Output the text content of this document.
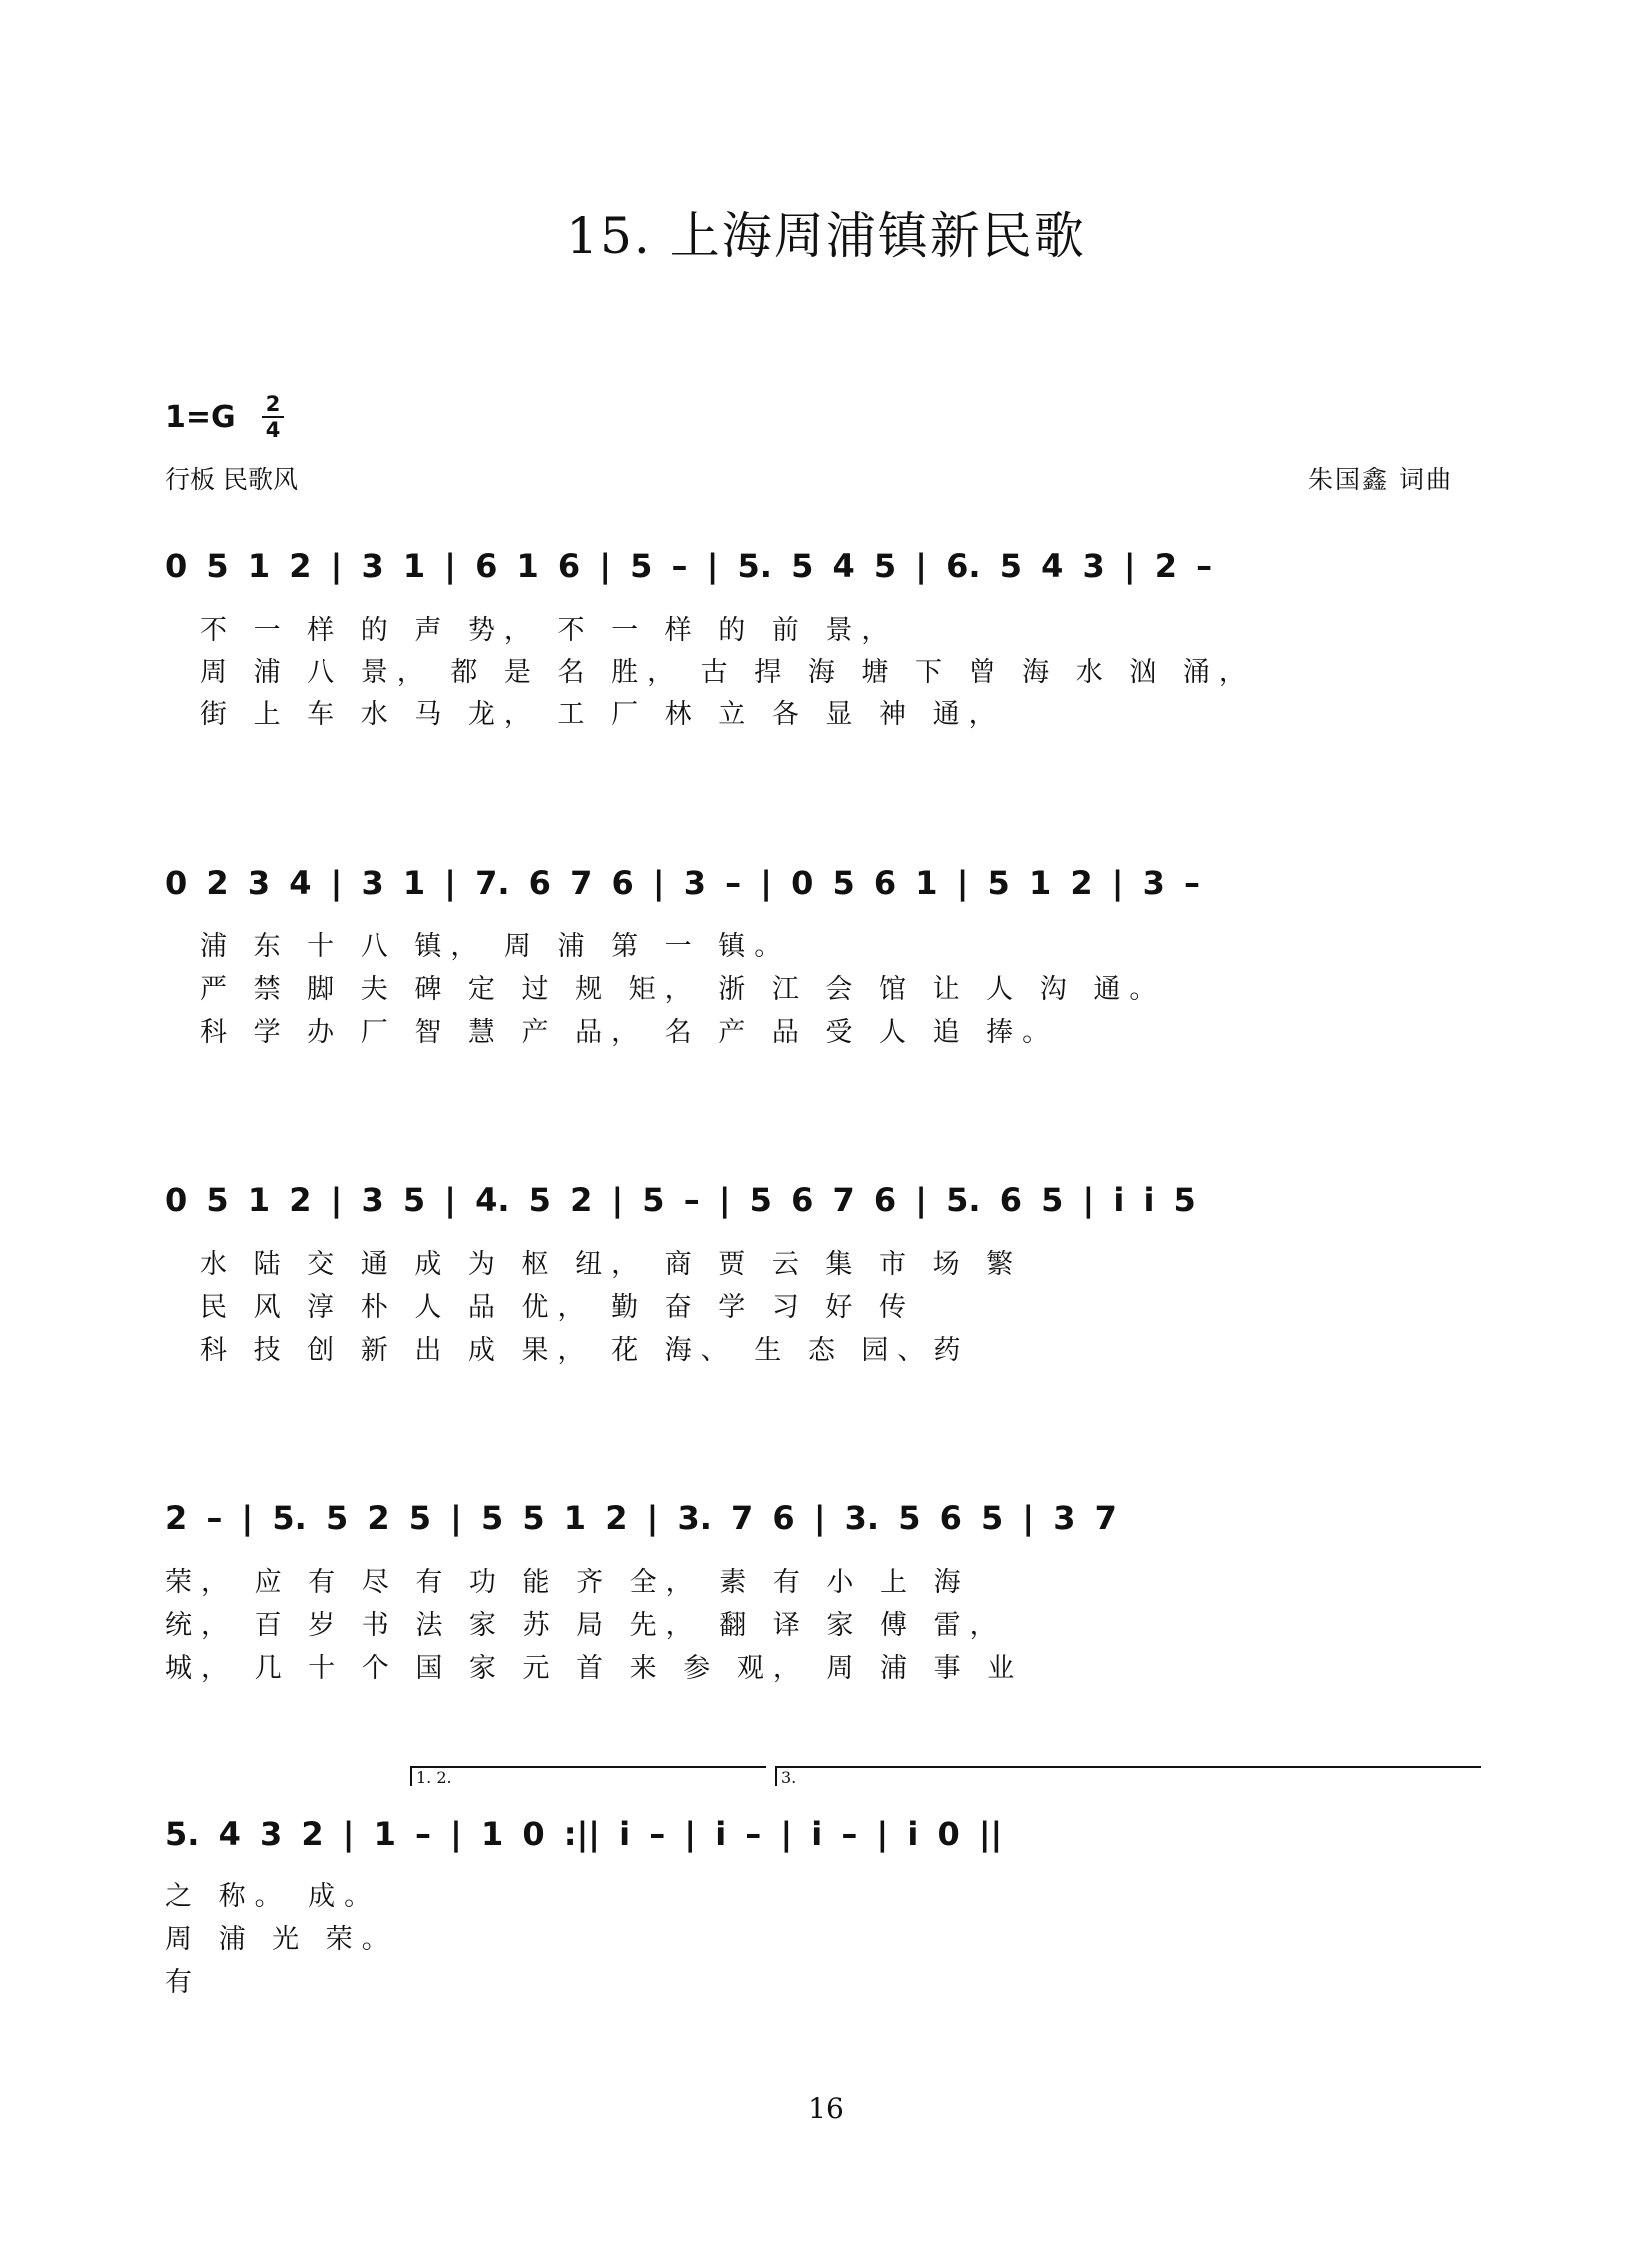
15. 上海周浦镇新民歌
1=G 2
4
行板 民歌风	朱国鑫 词曲
0 5 1 2 | 3 1 | 6 1 6 | 5 – | 5. 5 4 5 | 6. 5 4 3 | 2 –
不 一 样 的 声 势， 不 一 样 的 前 景，
周 浦 八 景， 都 是 名 胜， 古 捍 海 塘 下 曾 海 水 汹 涌，
街 上 车 水 马 龙， 工 厂 林 立 各 显 神 通，
0 2 3 4 | 3 1 | 7. 6 7 6 | 3 – | 0 5 6 1 | 5 1 2 | 3 –
浦 东 十 八 镇， 周 浦 第 一 镇。
严 禁 脚 夫 碑 定 过 规 矩， 浙 江 会 馆 让 人 沟 通。
科 学 办 厂 智 慧 产 品， 名 产 品 受 人 追 捧。
0 5 1 2 | 3 5 | 4. 5 2 | 5 – | 5 6 7 6 | 5. 6 5 | i i 5
水 陆 交 通 成 为 枢 纽， 商 贾 云 集 市 场 繁
民 风 淳 朴 人 品 优， 勤 奋 学 习 好 传
科 技 创 新 出 成 果， 花 海、 生 态 园、药
2 – | 5. 5 2 5 | 5 5 1 2 | 3. 7 6 | 3. 5 6 5 | 3 7
荣， 应 有 尽 有 功 能 齐 全， 素 有 小 上 海
统， 百 岁 书 法 家 苏 局 先， 翻 译 家 傅 雷，
城， 几 十 个 国 家 元 首 来 参 观， 周 浦 事 业
1. 2.	3.
5. 4 3 2 | 1 – | 1 0 :|| i – | i – | i – | i 0 ||
之 称。 成。
周 浦 光 荣。
有
16
